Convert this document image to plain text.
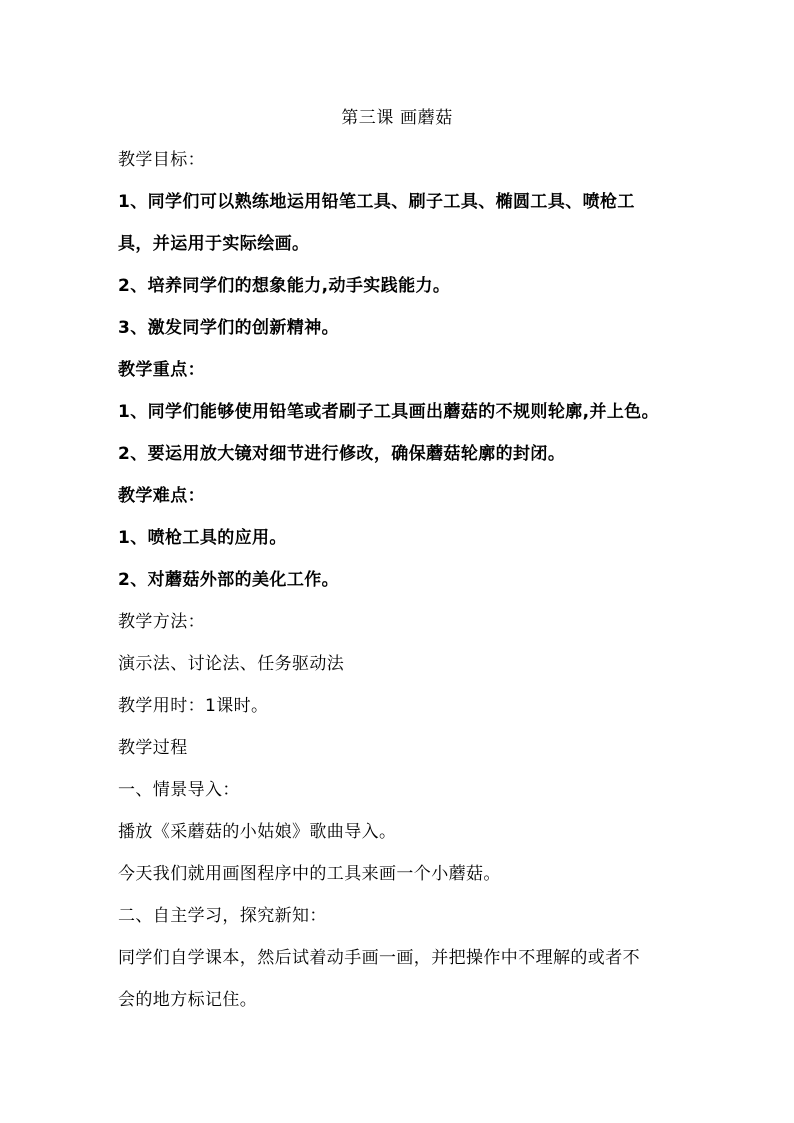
第三课 画蘑菇
教学目标：
1、同学们可以熟练地运用铅笔工具、刷子工具、椭圆工具、喷枪工
具，并运用于实际绘画。
2、培养同学们的想象能力,动手实践能力。
3、激发同学们的创新精神。
教学重点：
1、同学们能够使用铅笔或者刷子工具画出蘑菇的不规则轮廓,并上色。
2、要运用放大镜对细节进行修改，确保蘑菇轮廓的封闭。
教学难点：
1、喷枪工具的应用。
2、对蘑菇外部的美化工作。
教学方法：
演示法、讨论法、任务驱动法
教学用时：1课时。
教学过程
一、情景导入：
播放《采蘑菇的小姑娘》歌曲导入。
今天我们就用画图程序中的工具来画一个小蘑菇。
二、自主学习，探究新知：
同学们自学课本，然后试着动手画一画，并把操作中不理解的或者不
会的地方标记住。
